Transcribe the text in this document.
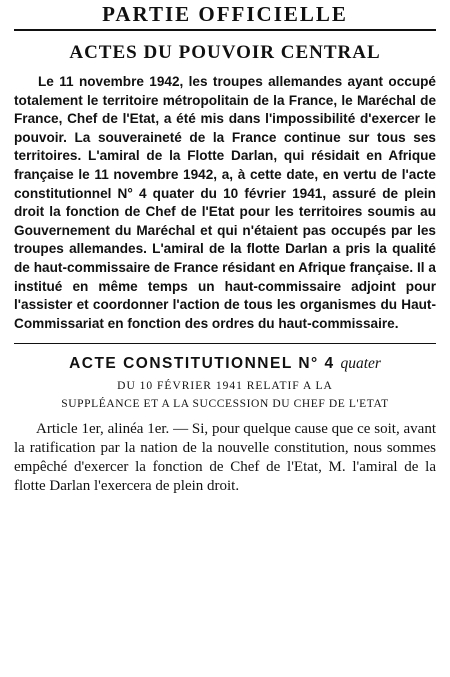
PARTIE OFFICIELLE
ACTES DU POUVOIR CENTRAL

Le 11 novembre 1942, les troupes allemandes ayant occupé totalement le territoire métropolitain de la France, le Maréchal de France, Chef de l'Etat, a été mis dans l'impossibilité d'exercer le pouvoir. La souveraineté de la France continue sur tous ses territoires. L'amiral de la Flotte Darlan, qui résidait en Afrique française le 11 novembre 1942, a, à cette date, en vertu de l'acte constitutionnel N° 4 quater du 10 février 1941, assuré de plein droit la fonction de Chef de l'Etat pour les territoires soumis au Gouvernement du Maréchal et qui n'étaient pas occupés par les troupes allemandes. L'amiral de la flotte Darlan a pris la qualité de haut-commissaire de France résidant en Afrique française. Il a institué en même temps un haut-commissaire adjoint pour l'assister et coordonner l'action de tous les organismes du Haut-Commissariat en fonction des ordres du haut-commissaire.

ACTE CONSTITUTIONNEL N° 4 quater
DU 10 FÉVRIER 1941 RELATIF A LA
SUPPLÉANCE ET A LA SUCCESSION DU CHEF DE L'ETAT

Article 1er, alinéa 1er. — Si, pour quelque cause que ce soit, avant la ratification par la nation de la nouvelle constitution, nous sommes empêché d'exercer la fonction de Chef de l'Etat, M. l'amiral de la flotte Darlan l'exercera de plein droit.
